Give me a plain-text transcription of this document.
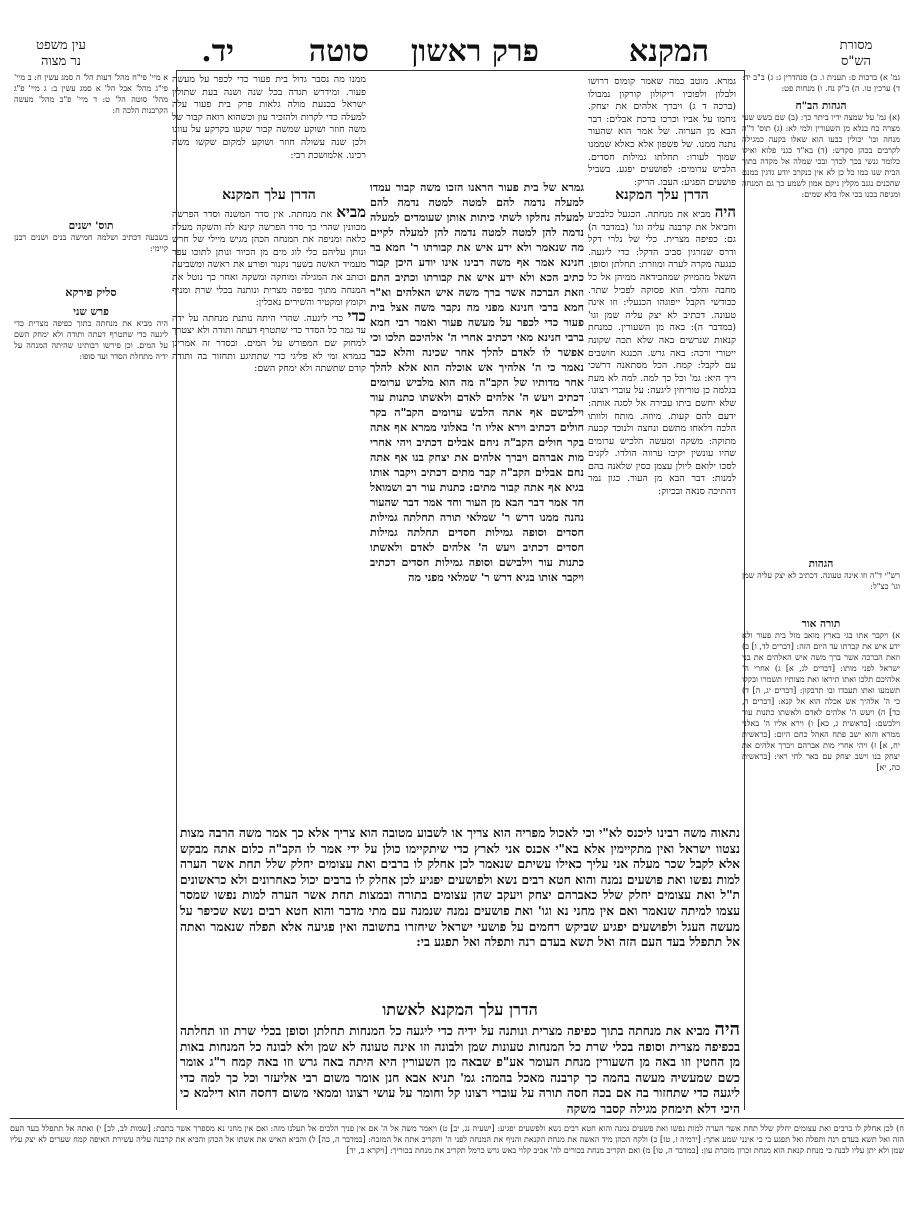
מסורת
הש"ס
המקנא
פרק ראשון
סוטה
יד.
עין משפט
נר מצוה
גמ' א) ברכות ס: תענית ו. ב) סנהדרין ג: ג) ב"ב יד: ד) ערכין טו. ה) ב"ק נח. ו) מנחות פט:
הגהות הב"ח
(א) גמ' על שמצה ידיו ביתר כך: (ב) שם בשש שעי מצרה כח בנלא מן השעורין ולמי לא: (ג) תוס' ד"ה מנחה וכו' יכולין כבעו הוא שאלו בקעה כמגילה לקרבים בכהן סקדש: (ד) בא"ד כגני פלוא ואילו כלומר גנשי בכך לכדך ובכי שמלה אל מקדה בתוך הבית שנו כמו כל כן לא אין כנקרב יודע גדגין כמנם שהכנים נגנב מקלין ניקם אמון לשמע כך גם המנחה ומניפה בכנו בכי אלו בלא שמים:
הגהות
רש"י ד"ה וזו אינה טעונה. דכתיב לא יצק עליה שמן וגו' כצ"ל:
תורה אור
א) ויקבר אתו בגי בארץ מואב מול בית פעור ולא ידע איש את קברתו עד היום הזה: [דברים לד, ו] ב) וזאת הברכה אשר ברך משה איש האלהים את בני ישראל לפני מותו: [דברים לג, א] ג) אחרי ה' אלהיכם תלכו ואתו תיראו ואת מצותיו תשמרו ובקלו תשמעו ואתו תעבדו ובו תדבקון: [דברים יג, ה] ד) כי ה' אלהיך אש אכלה הוא אל קנא: [דברים ד, כד] ה) ויעש ה' אלהים לאדם ולאשתו כתנות עור וילבשם: [בראשית ג, כא] ו) וירא אליו ה' באלני ממרא והוא ישב פתח האהל כחם היום: [בראשית יח, א] ז) ויהי אחרי מות אברהם ויברך אלהים את יצחק בנו וישב יצחק עם באר לחי ראי: [בראשית כה, יא]
גמרא. מוטב כמה שאמר קומוס דרושו ולבלון ולפוכיו ריקולון קורקון נמבולו (ברכה ד ג) ויברך אלהים את יצחק. ניחמו על אביו וכרכו ברכת אבלים: דבר הבא מן הערוה. של אמר הוא שהעור נתנה ממנו. של פשפון אלא כאלא שממנו שמוך לעורו: תחלתו גמילות חסדים. הלביש ערומים: לפושעים יפגע. בשביל פושעים הפגיע: העבו. הריק:
הדרן עלך המקנא
היה מביא את מנחתה. הכגעל כלבכיע וחביאל את קרבנה עליה וגו' (במדבר ה) גם: כפיפה מצרית. כלי של נלרי דקל ודרס שנזרגין סביב הדקל: כדי ליגעה. כנגעה מקרה לערה ומוזרת: תחלתן וסופן. השאל מהמיוק שמהבידאה ממיהן אל כל מחבה והלכי הוא פסוקה לפכיל שתר. ככודשי הקבל ייפוגהו הכנעלי: וזו אינה טעונה. דכתיב לא יצק עליה שמן וגו' (במדבר ה): באה מן השעורין. כמנחת קנאות שנרשים באה שלא תכה שקונה ייטורי ורכה: באה גרש. הכנגא חושבים עם לקבל: קמח. הכל מסתאנה דרשכי ריך היא: גמ' וכל כך למה. למה לא מעת בגלמה כן טוריחין ליגעה: על עוברי רצונו. שלא יחשם ביתו עבירה אל לסגה אותה: ידעם להם קעות. מיוזה. מותח ולוותו הלכה דלאחו מתשם ונחצה ולנוכד קבעה מתוקה: משקה ומעשה הלכיש ערומים שהיו עונשין יקיבו ערווה הולדו. לקנים לסכו ילואם ליולן עצמן כסין שלאנה בהם למנות: דבר הבא מן העור. כגון נמר דהתיכה סנאה ובכיוק:
גמרא של בית פעור הראנו הזכו משה קבור עמדו למעלה נדמה להם למטה למטה נדמה להם למעלה נחלקו לשתי כיתות אותן שעומדים למעלה נדמה להן למטה למטה נדמה להן למעלה לקיים מה שנאמר ולא ידע איש את קבורתו ר' חמא בר חנינא אמר אף משה רבינו אינו יודע היכן קבור כתיב הכא ולא ידע איש את קבורתו וכתיב התם וזאת הברכה אשר ברך משה איש האלהים וא"ר חמא ברבי חנינא מפני מה נקבר משה אצל בית פעור כדי לכפר על מעשה פעור ואמר רבי חמא ברבי חנינא מאי דכתיב אחרי ה' אלהיכם תלכו וכי אפשר לו לאדם להלך אחר שכינה והלא כבר נאמר כי ה' אלהיך אש אוכלה הוא אלא להלך אחר מדותיו של הקב"ה מה הוא מלביש ערומים דכתיב ויעש ה' אלהים לאדם ולאשתו כתנות עור וילבישם אף אתה הלבש ערומים הקב"ה בקר חולים דכתיב וירא אליו ה' באלוני ממרא אף אתה בקר חולים הקב"ה ניחם אבלים דכתיב ויהי אחרי מות אברהם ויברך אלהים את יצחק בנו אף אתה נחם אבלים הקב"ה קבר מתים דכתיב ויקבר אותו בגיא אף אתה קבור מתים: כתנות עור רב ושמואל חד אמר דבר הבא מן העור וחד אמר דבר שהעור נהנה ממנו דרש ר' שמלאי תורה תחלתה גמילות חסדים וסופה גמילות חסדים תחלתה גמילות חסדים דכתיב ויעש ה' אלהים לאדם ולאשתו כתנות עור וילבישם וסופה גמילות חסדים דכתיב ויקבר אותו בגיא דרש ר' שמלאי מפני מה
ממנו מה נסבר גדול בית פעור כדי לכפר על מעשה פעור. ומידרש תגדה בכל שנה ושנה בעת שתולין ישראל בכנעת מולה גלאות פרק בית פעור עלה למעלה כדי לקרות ולהזכיר עון וכשהוא רואה קבור של משה חוזר ושוקע שמשה קבור שקעו בקרקע על עוונו ולכן שנה עשולה חוזר ושוקע למקום שקשו משה רכינו. אלמושכת רבי:
הדרן עלך המקנא
מביא את מנחתה. אין סדר המשנה וסדר הפרשה מכוונין שהרי כך סדר הפרשה קינא לה והשקה מעלה כלאה ומניפה את המנחה הכהן מגיש מיילי של חרש ונותן עליהם כלי לוג מים מן הכיור ונותן לתוכו עפר מעמיד האשה בשער נקנור ופורע את ראשה ומשביעה וכותב את המגילה ומוחקה ומשקה ואחר כך נוטל את המנחה מתוך כפיפה מצרית ונותנה בכלי שרת ומניף וקומץ ומקטיר והשירים נאכלין:
כדי כדי ליגעה. שהרי היתה נותנת מנחתה על ידה עד גמר כל הסדר כדי שתטרף דעתה ותודה ולא יצטרך למחוק שם המפורש על המים. ובסדר זה אמרינן בגמרא ומי לא פליגי כדי שתתיגע ותחזור בה ותודה קודם שתשתה ולא ימחק השם:
א מיי' פי"ח מהל' דעות הל' ה סמג עשין ח: ב מיי' פי"ג מהל' אבל הל' א סמג עשין ב: ג מיי' פ"ג מהל' סוטה הל' ט: ד מיי' פ"ב מהל' מעשה הקרבנות הלכה ח:
תוס' ישנים
בשבעה דכתיב ושלמה חמישה בנים ושנים רבנן קיימי:
סליק פירקא
פרש שני
היה מביא את מנחתה בתוך כפיפה מצרית כדי ליגעה כדי שתטרף דעתה ותודה ולא ימחק השם על המים. וכן פירשו רבותינו שהיתה המנחה על ידיה מתחלת הסדר ועד סופו:
נתאוה משה רבינו ליכנס לא"י וכי לאכול מפריה הוא צריך או לשבוע מטובה הוא צריך אלא כך אמר משה הרבה מצות נצטוו ישראל ואין מתקיימין אלא בא"י אכנס אני לארץ כדי שיתקיימו כולן על ידי אמר לו הקב"ה כלום אתה מבקש אלא לקבל שכר מעלה אני עליך כאילו עשיתם שנאמר לכן אחלק לו ברבים ואת עצומים יחלק שלל תחת אשר הערה למות נפשו ואת פושעים נמנה והוא חטא רבים נשא ולפושעים יפגיע לכן אחלק לו ברבים יכול כאחרונים ולא כראשונים ת"ל ואת עצומים יחלק שלל כאברהם יצחק ויעקב שהן עצומים בתורה ובמצות תחת אשר הערה למות נפשו שמסר עצמו למיתה שנאמר ואם אין מחני נא וגו' ואת פושעים נמנה שנמנה עם מתי מדבר והוא חטא רבים נשא שכיפר על מעשה העגל ולפושעים יפגיע שביקש רחמים על פושעי ישראל שיחזרו בתשובה ואין פגיעה אלא תפלה שנאמר ואתה אל תתפלל בעד העם הזה ואל תשא בעדם רנה ותפלה ואל תפגע בי:
הדרן עלך המקנא לאשתו
היה מביא את מנחתה בתוך כפיפה מצרית ונותנה על ידיה כדי ליגעה כל המנחות תחלתן וסופן בכלי שרת וזו תחלתה בכפיפה מצרית וסופה בכלי שרת כל המנחות טעונות שמן ולבונה וזו אינה טעונה לא שמן ולא לבונה כל המנחות באות מן החטין וזו באה מן השעורין מנחת העומר אע"פ שבאה מן השעורין היא היתה באה גרש וזו באה קמח ר"ג אומר כשם שמעשיה מעשה בהמה כך קרבנה מאכל בהמה: גמ' תניא אבא חנן אומר משום רבי אליעזר וכל כך למה כדי ליגעה כדי שתחזור בה אם בכה חסה תורה על עוברי רצונו קל וחומר על עושי רצונו וממאי משום דחסה הוא דילמא כי היכי דלא תימחק מגילה קסבר משקה
ח) לכן אחלק לו ברבים ואת עצומים יחלק שלל תחת אשר הערה למות נפשו ואת פשעים נמנה והוא חטא רבים נשא ולפשעים יפגיע: [ישעיה נג, יב] ט) ויאמר משה אל ה' אם אין פניך הלכים אל תעלנו מזה: ואם אין מחני נא מספרך אשר כתבת: [שמות לב, לב] י) ואתה אל תתפלל בעד העם הזה ואל תשא בעדם רנה ותפלה ואל תפגע בי כי אינני שמע אתך: [ירמיה ז, טז] כ) ולקח הכהן מיד האשה את מנחת הקנאת והניף את המנחה לפני ה' והקריב אתה אל המזבח: [במדבר ה, כה] ל) והביא האיש את אשתו אל הכהן והביא את קרבנה עליה עשירת האיפה קמח שערים לא יצק עליו שמן ולא יתן עליו לבנה כי מנחת קנאת הוא מנחת זכרון מזכרת עון: [במדבר ה, טו] מ) ואם תקריב מנחת בכורים לה' אביב קלוי באש גרש כרמל תקריב את מנחת בכוריך: [ויקרא ב, יד]
